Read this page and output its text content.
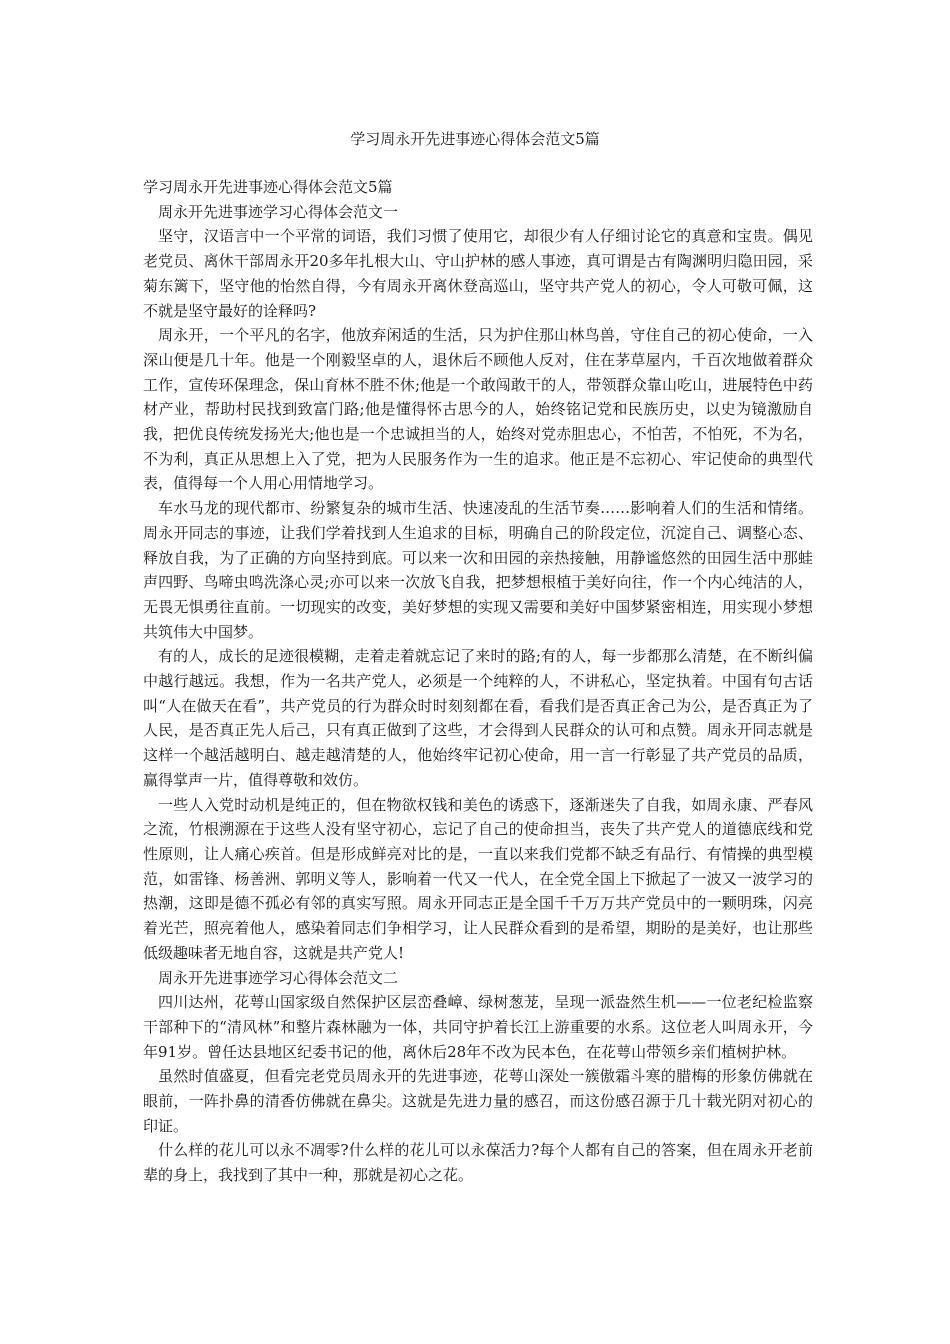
学习周永开先进事迹心得体会范文5篇

学习周永开先进事迹心得体会范文5篇

周永开先进事迹学习心得体会范文一

坚守，汉语言中一个平常的词语，我们习惯了使用它，却很少有人仔细讨论它的真意和宝贵。偶见老党员、离休干部周永开20多年扎根大山、守山护林的感人事迹，真可谓是古有陶渊明归隐田园，采菊东篱下，坚守他的怡然自得，今有周永开离休登高巡山，坚守共产党人的初心，令人可敬可佩，这不就是坚守最好的诠释吗?

周永开，一个平凡的名字，他放弃闲适的生活，只为护住那山林鸟兽，守住自己的初心使命，一入深山便是几十年。他是一个刚毅坚卓的人，退休后不顾他人反对，住在茅草屋内，千百次地做着群众工作，宣传环保理念，保山育林不胜不休;他是一个敢闯敢干的人，带领群众靠山吃山，进展特色中药材产业，帮助村民找到致富门路;他是懂得怀古思今的人，始终铭记党和民族历史，以史为镜激励自我，把优良传统发扬光大;他也是一个忠诚担当的人，始终对党赤胆忠心，不怕苦，不怕死，不为名，不为利，真正从思想上入了党，把为人民服务作为一生的追求。他正是不忘初心、牢记使命的典型代表，值得每一个人用心用情地学习。

车水马龙的现代都市、纷繁复杂的城市生活、快速凌乱的生活节奏……影响着人们的生活和情绪。周永开同志的事迹，让我们学着找到人生追求的目标，明确自己的阶段定位，沉淀自己、调整心态、释放自我，为了正确的方向坚持到底。可以来一次和田园的亲热接触，用静谧悠然的田园生活中那蛙声四野、鸟啼虫鸣洗涤心灵;亦可以来一次放飞自我，把梦想根植于美好向往，作一个内心纯洁的人，无畏无惧勇往直前。一切现实的改变，美好梦想的实现又需要和美好中国梦紧密相连，用实现小梦想共筑伟大中国梦。

有的人，成长的足迹很模糊，走着走着就忘记了来时的路;有的人，每一步都那么清楚，在不断纠偏中越行越远。我想，作为一名共产党人，必须是一个纯粹的人，不讲私心，坚定执着。中国有句古话叫“人在做天在看”，共产党员的行为群众时时刻刻都在看，看我们是否真正舍己为公，是否真正为了人民，是否真正先人后己，只有真正做到了这些，才会得到人民群众的认可和点赞。周永开同志就是这样一个越活越明白、越走越清楚的人，他始终牢记初心使命，用一言一行彰显了共产党员的品质，赢得掌声一片，值得尊敬和效仿。

一些人入党时动机是纯正的，但在物欲权钱和美色的诱惑下，逐渐迷失了自我，如周永康、严春风之流，竹根溯源在于这些人没有坚守初心，忘记了自己的使命担当，丧失了共产党人的道德底线和党性原则，让人痛心疾首。但是形成鲜亮对比的是，一直以来我们党都不缺乏有品行、有情操的典型模范，如雷锋、杨善洲、郭明义等人，影响着一代又一代人，在全党全国上下掀起了一波又一波学习的热潮，这即是德不孤必有邻的真实写照。周永开同志正是全国千千万万共产党员中的一颗明珠，闪亮着光芒，照亮着他人，感染着同志们争相学习，让人民群众看到的是希望，期盼的是美好，也让那些低级趣味者无地自容，这就是共产党人!

周永开先进事迹学习心得体会范文二

四川达州，花萼山国家级自然保护区层峦叠嶂、绿树葱茏，呈现一派盎然生机——一位老纪检监察干部种下的“清风林”和整片森林融为一体，共同守护着长江上游重要的水系。这位老人叫周永开，今年91岁。曾任达县地区纪委书记的他，离休后28年不改为民本色，在花萼山带领乡亲们植树护林。

虽然时值盛夏，但看完老党员周永开的先进事迹，花萼山深处一簇傲霜斗寒的腊梅的形象仿佛就在眼前，一阵扑鼻的清香仿佛就在鼻尖。这就是先进力量的感召，而这份感召源于几十载光阴对初心的印证。

什么样的花儿可以永不凋零?什么样的花儿可以永葆活力?每个人都有自己的答案，但在周永开老前辈的身上，我找到了其中一种，那就是初心之花。
